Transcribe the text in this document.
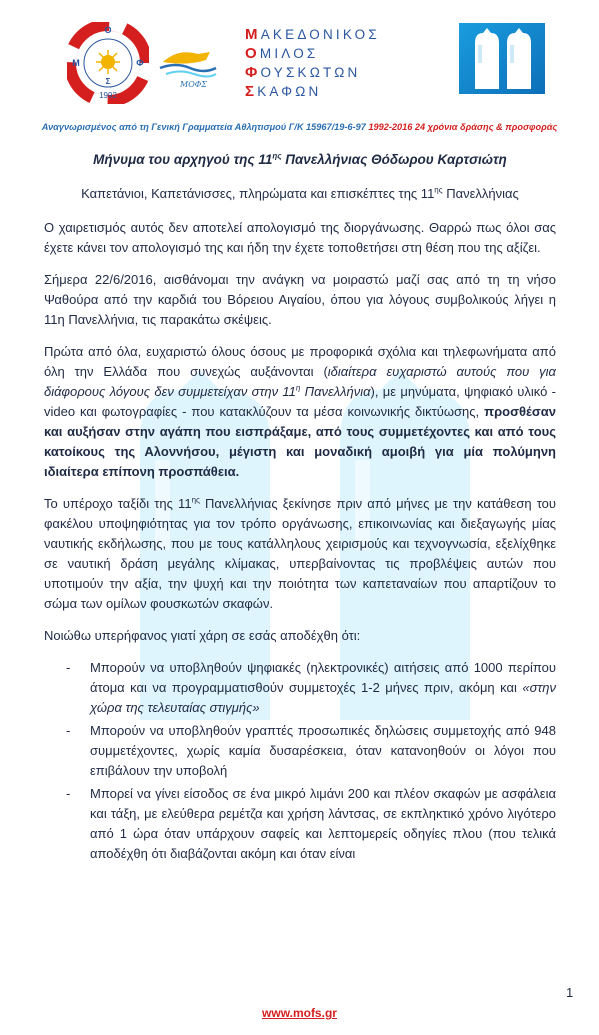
Ο
Μ	Φ
Σ
1992
ΜΟΦΣ
ΜΑΚΕΔΟΝΙΚΟΣ
ΟΜΙΛΟΣ
ΦΟΥΣΚΩΤΩΝ
ΣΚΑΦΩΝ
Αναγνωρισμένος από τη Γενική Γραμματεία Αθλητισμού Γ/Κ 15967/19-6-97 1992-2016 24 χρόνια δράσης & προσφοράς

Μήνυμα του αρχηγού της $11^{\eta\varsigma}$ Πανελλήνιας Θόδωρου Καρτσιώτη

Καπετάνιοι, Καπετάνισσες, πληρώματα και επισκέπτες της $11^{\eta\varsigma}$ Πανελλήνιας

Ο χαιρετισμός αυτός δεν αποτελεί απολογισμό της διοργάνωσης. Θαρρώ πως όλοι σας έχετε κάνει τον απολογισμό της και ήδη την έχετε τοποθετήσει στη θέση που της αξίζει.

Σήμερα 22/6/2016, αισθάνομαι την ανάγκη να μοιραστώ μαζί σας από τη τη νήσο Ψαθούρα από την καρδιά του Βόρειου Αιγαίου, όπου για λόγους συμβολικούς λήγει η 11η Πανελλήνια, τις παρακάτω σκέψεις.

Πρώτα από όλα, ευχαριστώ όλους όσους με προφορικά σχόλια και τηλεφωνήματα από όλη την Ελλάδα που συνεχώς αυξάνονται (ιδιαίτερα ευχαριστώ αυτούς που για διάφορους λόγους δεν συμμετείχαν στην $11^\eta$ Πανελλήνια), με μηνύματα, ψηφιακό υλικό - video και φωτογραφίες - που κατακλύζουν τα μέσα κοινωνικής δικτύωσης, προσθέσαν και αυξήσαν στην αγάπη που εισπράξαμε, από τους συμμετέχοντες και από τους κατοίκους της Αλοννήσου, μέγιστη και μοναδική αμοιβή για μία πολύμηνη ιδιαίτερα επίπονη προσπάθεια.

Το υπέροχο ταξίδι της $11^{\eta\varsigma}$ Πανελλήνιας ξεκίνησε πριν από μήνες με την κατάθεση του φακέλου υποψηφιότητας για τον τρόπο οργάνωσης, επικοινωνίας και διεξαγωγής μίας ναυτικής εκδήλωσης, που με τους κατάλληλους χειρισμούς και τεχνογνωσία, εξελίχθηκε σε ναυτική δράση μεγάλης κλίμακας, υπερβαίνοντας τις προβλέψεις αυτών που υποτιμούν την αξία, την ψυχή και την ποιότητα των καπεταναίων που απαρτίζουν το σώμα των ομίλων φουσκωτών σκαφών.

Νοιώθω υπερήφανος γιατί χάρη σε εσάς αποδέχθη ότι:

- Μπορούν να υποβληθούν ψηφιακές (ηλεκτρονικές) αιτήσεις από 1000 περίπου άτομα και να προγραμματισθούν συμμετοχές 1-2 μήνες πριν, ακόμη και «στην χώρα της τελευταίας στιγμής»
- Μπορούν να υποβληθούν γραπτές προσωπικές δηλώσεις συμμετοχής από 948 συμμετέχοντες, χωρίς καμία δυσαρέσκεια, όταν κατανοηθούν οι λόγοι που επιβάλουν την υποβολή
- Μπορεί να γίνει είσοδος σε ένα μικρό λιμάνι 200 και πλέον σκαφών με ασφάλεια και τάξη, με ελεύθερα ρεμέτζα και χρήση λάντσας, σε εκπληκτικό χρόνο λιγότερο από 1 ώρα όταν υπάρχουν σαφείς και λεπτομερείς οδηγίες πλου (που τελικά αποδέχθη ότι διαβάζονται ακόμη και όταν είναι
1
www.mofs.gr
